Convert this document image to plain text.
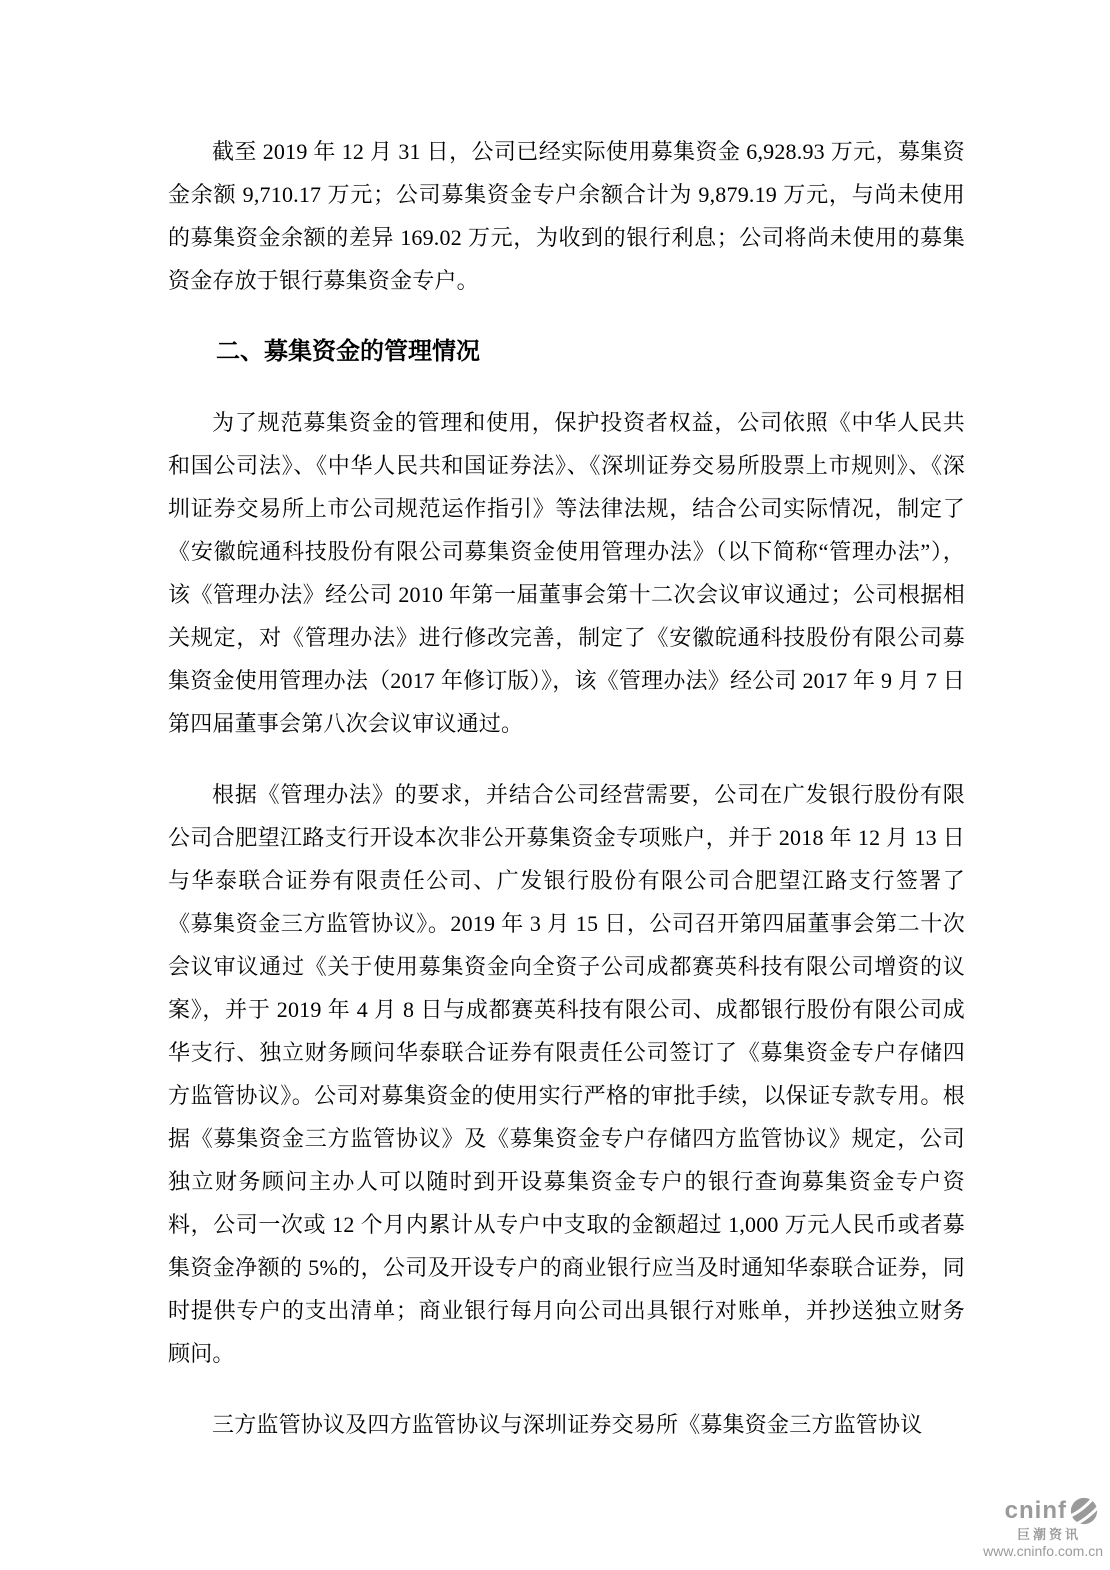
截至 2019 年 12 月 31 日，公司已经实际使用募集资金 6,928.93 万元，募集资金余额 9,710.17 万元；公司募集资金专户余额合计为 9,879.19 万元，与尚未使用的募集资金余额的差异 169.02 万元，为收到的银行利息；公司将尚未使用的募集资金存放于银行募集资金专户。

二、募集资金的管理情况

为了规范募集资金的管理和使用，保护投资者权益，公司依照《中华人民共和国公司法》、《中华人民共和国证券法》、《深圳证券交易所股票上市规则》、《深圳证券交易所上市公司规范运作指引》等法律法规，结合公司实际情况，制定了《安徽皖通科技股份有限公司募集资金使用管理办法》（以下简称“管理办法”），该《管理办法》经公司 2010 年第一届董事会第十二次会议审议通过；公司根据相关规定，对《管理办法》进行修改完善，制定了《安徽皖通科技股份有限公司募集资金使用管理办法（2017 年修订版）》，该《管理办法》经公司 2017 年 9 月 7 日第四届董事会第八次会议审议通过。

根据《管理办法》的要求，并结合公司经营需要，公司在广发银行股份有限公司合肥望江路支行开设本次非公开募集资金专项账户，并于 2018 年 12 月 13 日与华泰联合证券有限责任公司、广发银行股份有限公司合肥望江路支行签署了《募集资金三方监管协议》。2019 年 3 月 15 日，公司召开第四届董事会第二十次会议审议通过《关于使用募集资金向全资子公司成都赛英科技有限公司增资的议案》，并于 2019 年 4 月 8 日与成都赛英科技有限公司、成都银行股份有限公司成华支行、独立财务顾问华泰联合证券有限责任公司签订了《募集资金专户存储四方监管协议》。公司对募集资金的使用实行严格的审批手续，以保证专款专用。根据《募集资金三方监管协议》及《募集资金专户存储四方监管协议》规定，公司独立财务顾问主办人可以随时到开设募集资金专户的银行查询募集资金专户资料，公司一次或 12 个月内累计从专户中支取的金额超过 1,000 万元人民币或者募集资金净额的 5%的，公司及开设专户的商业银行应当及时通知华泰联合证券，同时提供专户的支出清单；商业银行每月向公司出具银行对账单，并抄送独立财务顾问。

三方监管协议及四方监管协议与深圳证券交易所《募集资金三方监管协议

cninf
巨潮资讯
www.cninfo.com.cn
